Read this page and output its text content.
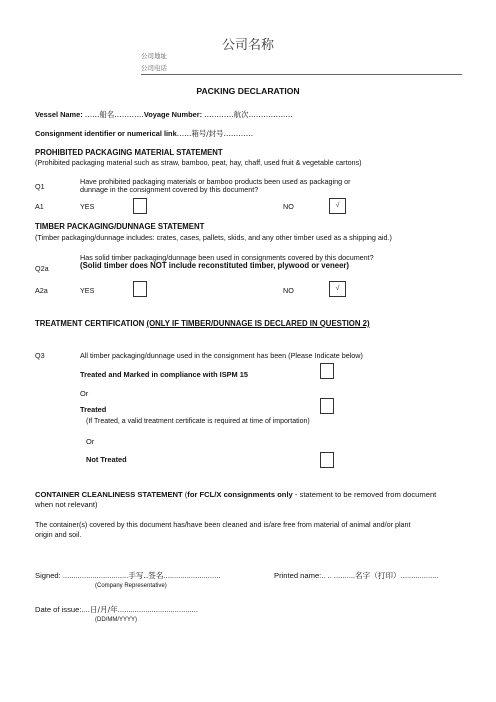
公司名称
公司地址
公司电话
PACKING DECLARATION
Vessel Name: ……船名…………Voyage Number: …………航次………………
Consignment identifier or numerical link……箱号/封号…………
PROHIBITED PACKAGING MATERIAL STATEMENT
(Prohibited packaging material such as straw, bamboo, peat, hay, chaff, used fruit & vegetable cartons)
Q1
Have prohibited packaging materials or bamboo products been used as packaging or
dunnage in the consignment covered by this document?
A1	YES	NO	√
TIMBER PACKAGING/DUNNAGE STATEMENT
(Timber packaging/dunnage includes: crates, cases, pallets, skids, and any other timber used as a shipping aid.)
Q2a
Has solid timber packaging/dunnage been used in consignments covered by this document?
(Solid timber does NOT include reconstituted timber, plywood or veneer)
A2a	YES	NO	√
TREATMENT CERTIFICATION (ONLY IF TIMBER/DUNNAGE IS DECLARED IN QUESTION 2)
Q3	All timber packaging/dunnage used in the consignment has been (Please Indicate below)
Treated and Marked in compliance with ISPM 15
Or
Treated
(If Treated, a valid treatment certificate is required at time of importation)
Or
Not Treated
CONTAINER CLEANLINESS STATEMENT (for FCL/X consignments only - statement to be removed from document
when not relevant)
The container(s) covered by this document has/have been cleaned and is/are free from material of animal and/or plant
origin and soil.
Signed: ...............................手写..签名...........................	Printed name:.. .. ..........名字（打印）..................
(Company Representative)
Date of issue:....日/月/年......................................
(DD/MM/YYYY)
